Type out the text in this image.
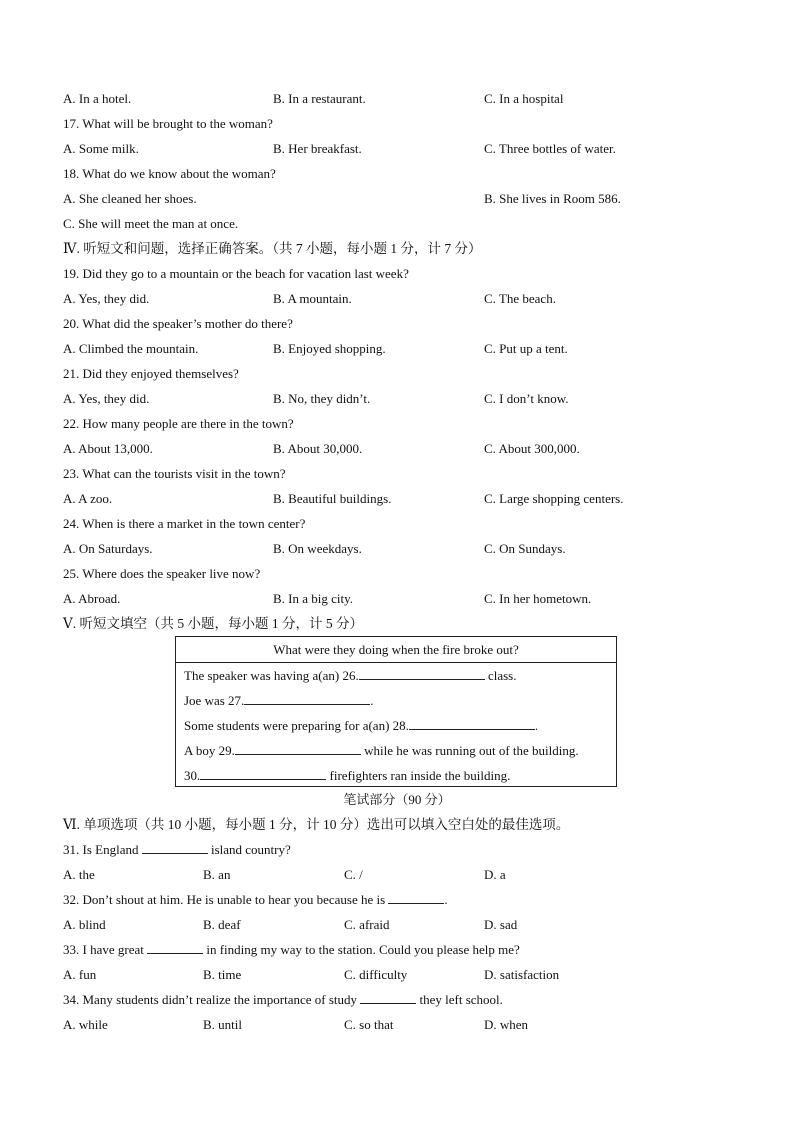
A. In a hotel.	B. In a restaurant.	C. In a hospital
17. What will be brought to the woman?
A. Some milk.	B. Her breakfast.	C. Three bottles of water.
18. What do we know about the woman?
A. She cleaned her shoes.	B. She lives in Room 586.
C. She will meet the man at once.
Ⅳ. 听短文和问题，选择正确答案。（共 7 小题，每小题 1 分，计 7 分）
19. Did they go to a mountain or the beach for vacation last week?
A. Yes, they did.	B. A mountain.	C. The beach.
20. What did the speaker’s mother do there?
A. Climbed the mountain.	B. Enjoyed shopping.	C. Put up a tent.
21. Did they enjoyed themselves?
A. Yes, they did.	B. No, they didn’t.	C. I don’t know.
22. How many people are there in the town?
A. About 13,000.	B. About 30,000.	C. About 300,000.
23. What can the tourists visit in the town?
A. A zoo.	B. Beautiful buildings.	C. Large shopping centers.
24. When is there a market in the town center?
A. On Saturdays.	B. On weekdays.	C. On Sundays.
25. Where does the speaker live now?
A. Abroad.	B. In a big city.	C. In her hometown.
Ⅴ. 听短文填空（共 5 小题，每小题 1 分，计 5 分）
What were they doing when the fire broke out?
The speaker was having a(an) 26.	class.
Joe was 27.	.
Some students were preparing for a(an) 28.	.
A boy 29.	while he was running out of the building.
30.	firefighters ran inside the building.
笔试部分（90 分）
Ⅵ. 单项选项（共 10 小题，每小题 1 分，计 10 分）选出可以填入空白处的最佳选项。
31. Is England	island country?
A. the	B. an	C. /	D. a
32. Don’t shout at him. He is unable to hear you because he is	.
A. blind	B. deaf	C. afraid	D. sad
33. I have great	in finding my way to the station. Could you please help me?
A. fun	B. time	C. difficulty	D. satisfaction
34. Many students didn’t realize the importance of study	they left school.
A. while	B. until	C. so that	D. when
